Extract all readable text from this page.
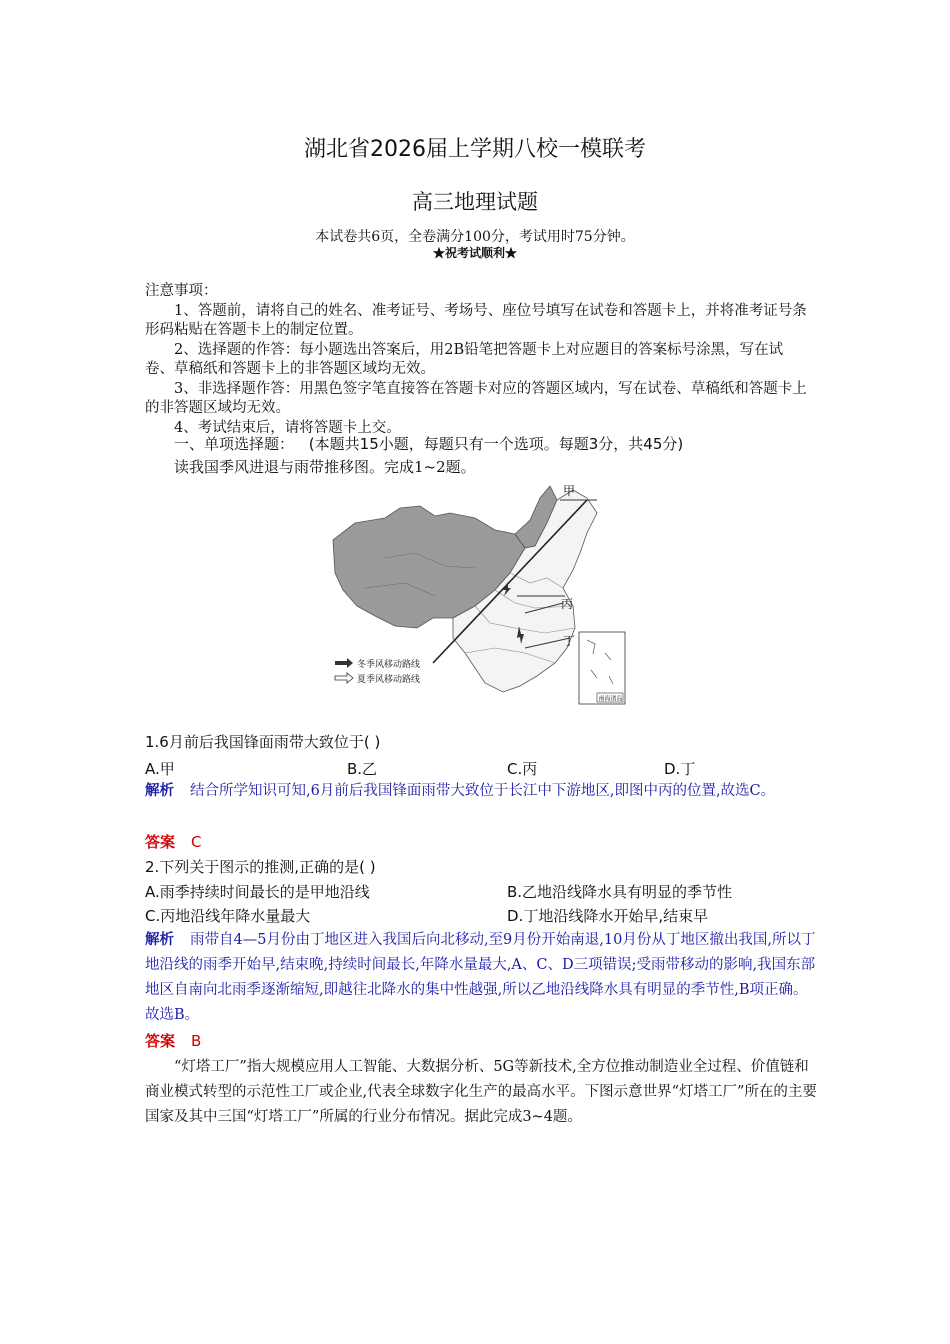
湖北省2026届上学期八校一模联考
高三地理试题
本试卷共6页，全卷满分100分，考试用时75分钟。
★祝考试顺利★
注意事项：
1、答题前，请将自己的姓名、准考证号、考场号、座位号填写在试卷和答题卡上，并将准考证号条形码粘贴在答题卡上的制定位置。
2、选择题的作答：每小题选出答案后，用2B铅笔把答题卡上对应题目的答案标号涂黑，写在试卷、草稿纸和答题卡上的非答题区域均无效。
3、非选择题作答：用黑色签字笔直接答在答题卡对应的答题区域内，写在试卷、草稿纸和答题卡上的非答题区域均无效。
4、考试结束后，请将答题卡上交。
一、单项选择题： (本题共15小题，每题只有一个选项。每题3分，共45分)
读我国季风进退与雨带推移图。完成1~2题。
甲
丙
丁
南海诸岛
冬季风移动路线
夏季风移动路线
1.6月前后我国锋面雨带大致位于( )
A.甲	B.乙	C.丙	D.丁
解析 结合所学知识可知,6月前后我国锋面雨带大致位于长江中下游地区,即图中丙的位置,故选C。
答案 C
2.下列关于图示的推测,正确的是( )
A.雨季持续时间最长的是甲地沿线	B.乙地沿线降水具有明显的季节性
C.丙地沿线年降水量最大	D.丁地沿线降水开始早,结束早
解析 雨带自4—5月份由丁地区进入我国后向北移动,至9月份开始南退,10月份从丁地区撤出我国,所以丁地沿线的雨季开始早,结束晚,持续时间最长,年降水量最大,A、C、D三项错误;受雨带移动的影响,我国东部地区自南向北雨季逐渐缩短,即越往北降水的集中性越强,所以乙地沿线降水具有明显的季节性,B项正确。故选B。
答案 B
“灯塔工厂”指大规模应用人工智能、大数据分析、5G等新技术,全方位推动制造业全过程、价值链和商业模式转型的示范性工厂或企业,代表全球数字化生产的最高水平。下图示意世界“灯塔工厂”所在的主要国家及其中三国“灯塔工厂”所属的行业分布情况。据此完成3~4题。
